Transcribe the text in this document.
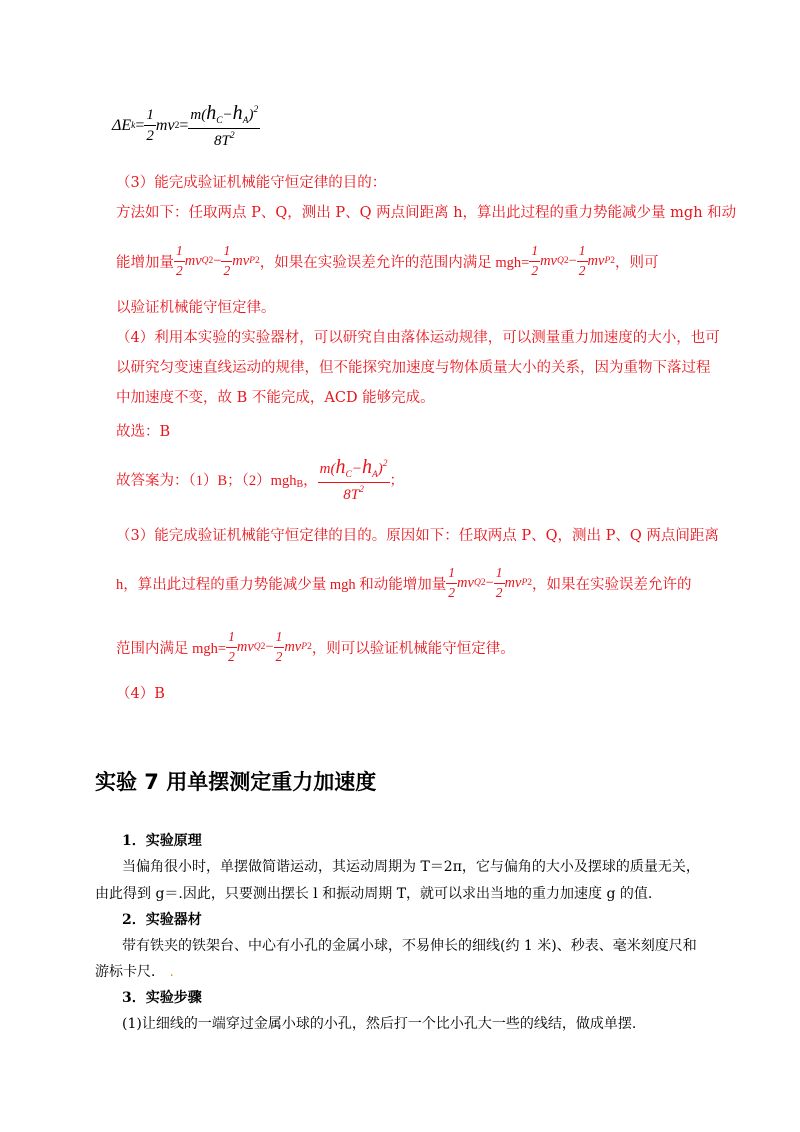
ΔE $k = \frac{1}{2}$ mv $2 = \frac{m(h_C-h_A)^2}{8T^2}$
（3）能完成验证机械能守恒定律的目的：
方法如下：任取两点 P、Q，测出 P、Q 两点间距离 h，算出此过程的重力势能减少量 mgh 和动
能增加量 $\frac{1}{2}$ mv Q $2 - \frac{1}{2}$ mv P 2 ，如果在实验误差允许的范围内满足 $mgh= \frac{1}{2}$ mv Q $2 - \frac{1}{2}$ mv P 2 ，则可
以验证机械能守恒定律。
（4）利用本实验的实验器材，可以研究自由落体运动规律，可以测量重力加速度的大小，也可
以研究匀变速直线运动的规律，但不能探究加速度与物体质量大小的关系，因为重物下落过程
中加速度不变，故 B 不能完成，ACD 能够完成。
故选：B
故答案为：（1）B；（2）mgh B ， $\frac{m(h_C-h_A)^2}{8T^2}$ ；
（3）能完成验证机械能守恒定律的目的。原因如下：任取两点 P、Q，测出 P、Q 两点间距离
h，算出此过程的重力势能减少量 mgh 和动能增加量 $\frac{1}{2}$ mv Q $2 - \frac{1}{2}$ mv P 2 ，如果在实验误差允许的
范围内满足 $mgh= \frac{1}{2}$ mv Q $2 - \frac{1}{2}$ mv P 2 ，则可以验证机械能守恒定律。
（4）B
实验 7 用单摆测定重力加速度
1．实验原理
当偏角很小时，单摆做简谐运动，其运动周期为 T＝2π，它与偏角的大小及摆球的质量无关，
由此得到 g＝.因此，只要测出摆长 l 和振动周期 T，就可以求出当地的重力加速度 g 的值.
2．实验器材
带有铁夹的铁架台、中心有小孔的金属小球，不易伸长的细线(约 1 米)、秒表、毫米刻度尺和
游标卡尺． .
3．实验步骤
(1)让细线的一端穿过金属小球的小孔，然后打一个比小孔大一些的线结，做成单摆.
